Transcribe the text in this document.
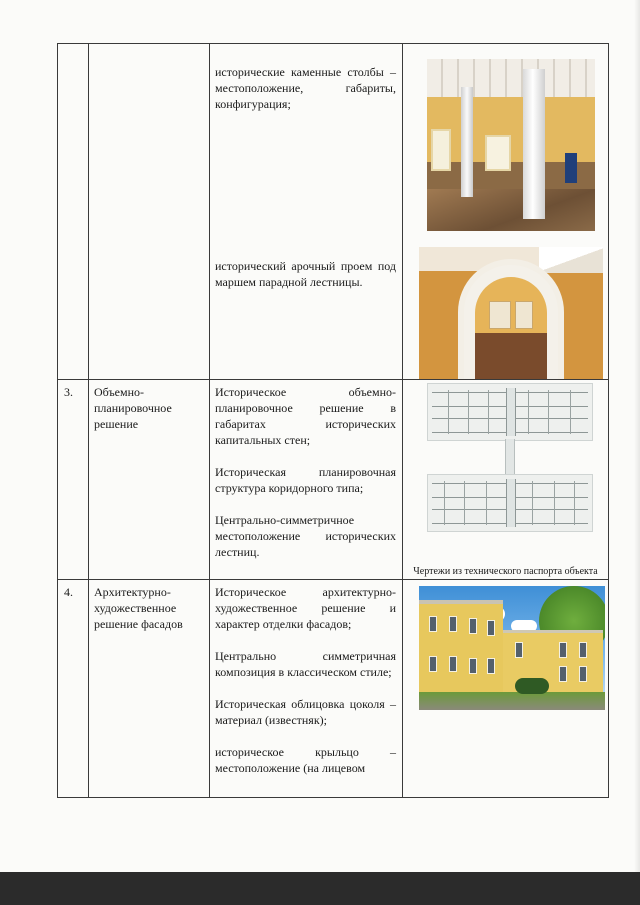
		исторические каменные столбы – местоположение, габариты, конфигурация;

исторический арочный проем под маршем парадной лестницы.	

3.	Объемно-планировочное решение	Историческое объемно-планировочное решение в габаритах исторических капитальных стен;

Историческая планировочная структура коридорного типа;

Центрально-симметричное местоположение исторических лестниц.	Чертежи из технического паспорта объекта

4.	Архитектурно-художественное решение фасадов	Историческое архитектурно-художественное решение и характер отделки фасадов;

Центрально симметричная композиция в классическом стиле;

Историческая облицовка цоколя – материал (известняк);

историческое крыльцо – местоположение (на лицевом	
